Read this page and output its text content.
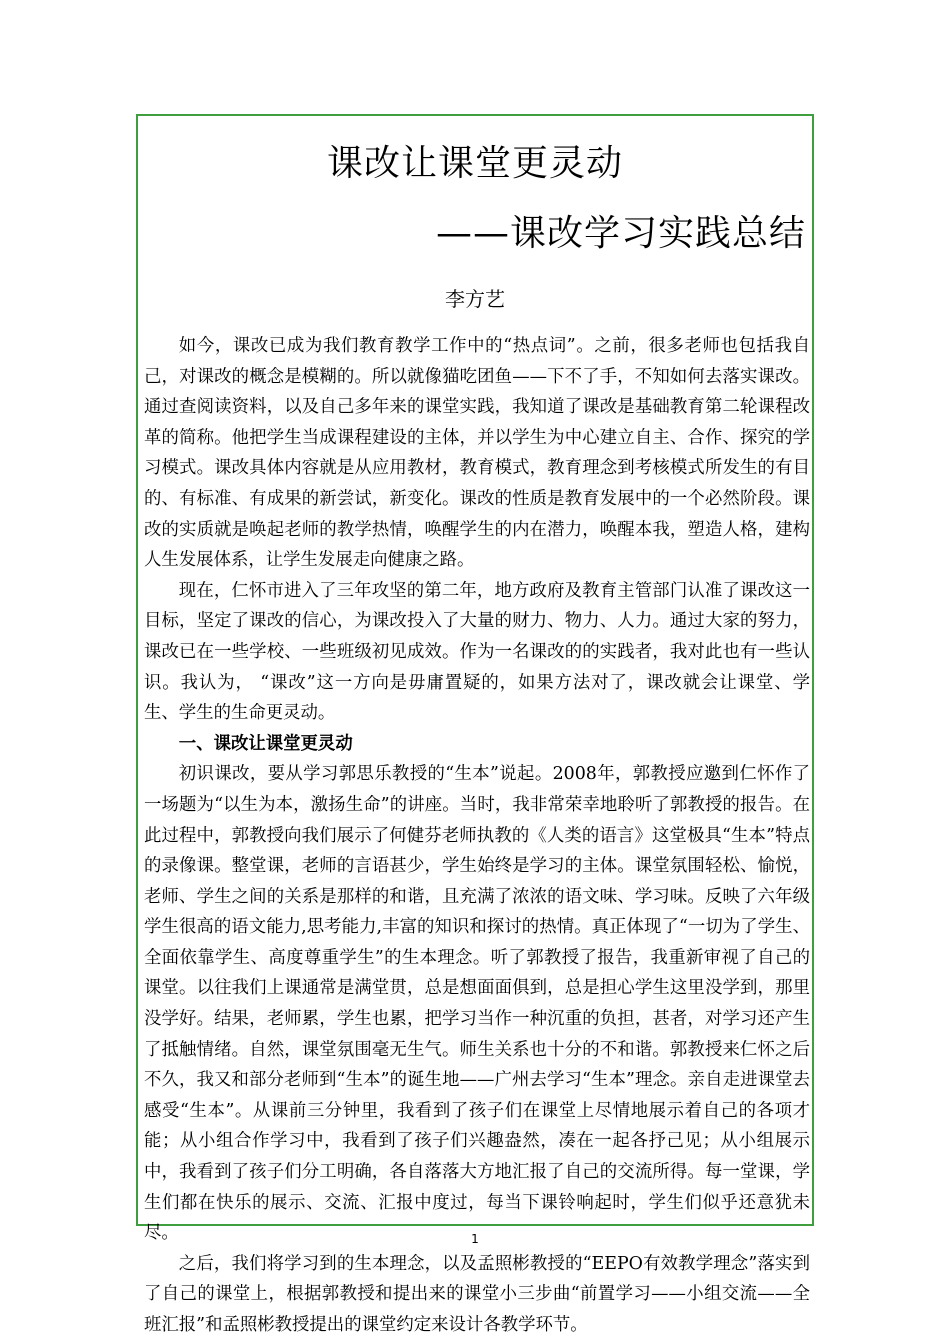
课改让课堂更灵动
——课改学习实践总结
李方艺

如今，课改已成为我们教育教学工作中的“热点词”。之前，很多老师也包括我自己，对课改的概念是模糊的。所以就像猫吃团鱼——下不了手，不知如何去落实课改。通过查阅读资料，以及自己多年来的课堂实践，我知道了课改是基础教育第二轮课程改革的简称。他把学生当成课程建设的主体，并以学生为中心建立自主、合作、探究的学习模式。课改具体内容就是从应用教材，教育模式，教育理念到考核模式所发生的有目的、有标准、有成果的新尝试，新变化。课改的性质是教育发展中的一个必然阶段。课改的实质就是唤起老师的教学热情，唤醒学生的内在潜力，唤醒本我，塑造人格，建构人生发展体系，让学生发展走向健康之路。

现在，仁怀市进入了三年攻坚的第二年，地方政府及教育主管部门认准了课改这一目标，坚定了课改的信心，为课改投入了大量的财力、物力、人力。通过大家的努力，课改已在一些学校、一些班级初见成效。作为一名课改的的实践者，我对此也有一些认识。我认为， “课改”这一方向是毋庸置疑的，如果方法对了，课改就会让课堂、学生、学生的生命更灵动。

一、课改让课堂更灵动

初识课改，要从学习郭思乐教授的“生本”说起。2008年，郭教授应邀到仁怀作了一场题为“以生为本，激扬生命”的讲座。当时，我非常荣幸地聆听了郭教授的报告。在此过程中，郭教授向我们展示了何健芬老师执教的《人类的语言》这堂极具“生本”特点的录像课。整堂课，老师的言语甚少，学生始终是学习的主体。课堂氛围轻松、愉悦，老师、学生之间的关系是那样的和谐，且充满了浓浓的语文味、学习味。反映了六年级学生很高的语文能力,思考能力,丰富的知识和探讨的热情。真正体现了“一切为了学生、全面依靠学生、高度尊重学生”的生本理念。听了郭教授了报告，我重新审视了自己的课堂。以往我们上课通常是满堂贯，总是想面面俱到，总是担心学生这里没学到，那里没学好。结果，老师累，学生也累，把学习当作一种沉重的负担，甚者，对学习还产生了抵触情绪。自然，课堂氛围毫无生气。师生关系也十分的不和谐。郭教授来仁怀之后不久，我又和部分老师到“生本”的诞生地——广州去学习“生本”理念。亲自走进课堂去感受“生本”。从课前三分钟里，我看到了孩子们在课堂上尽情地展示着自己的各项才能；从小组合作学习中，我看到了孩子们兴趣盎然，凑在一起各抒己见；从小组展示中，我看到了孩子们分工明确，各自落落大方地汇报了自己的交流所得。每一堂课，学生们都在快乐的展示、交流、汇报中度过，每当下课铃响起时，学生们似乎还意犹未尽。

之后，我们将学习到的生本理念，以及孟照彬教授的“EEPO有效教学理念”落实到了自己的课堂上，根据郭教授和提出来的课堂小三步曲“前置学习——小组交流——全班汇报”和孟照彬教授提出的课堂约定来设计各教学环节。

1
